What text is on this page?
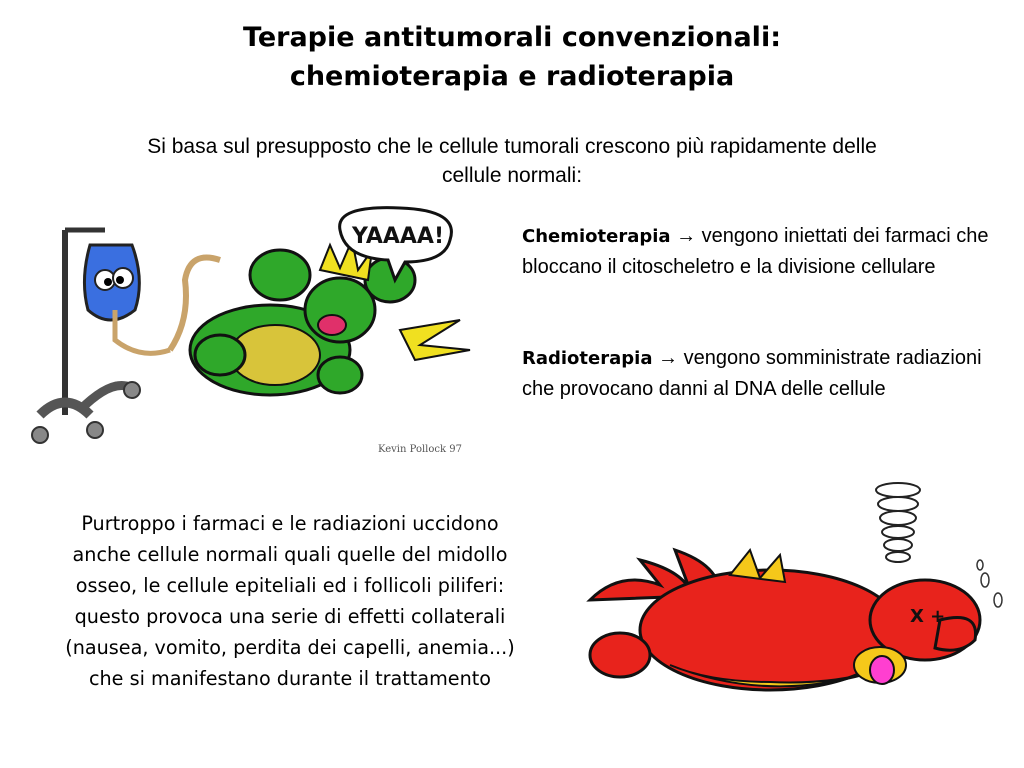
Terapie antitumorali convenzionali:
chemioterapia e radioterapia
Si basa sul presupposto che le cellule tumorali crescono più rapidamente delle
cellule normali:
YAAAA!
Kevin Pollock 97
Chemioterapia → vengono iniettati dei farmaci che bloccano il citoscheletro e la divisione cellulare
Radioterapia → vengono somministrate radiazioni che provocano danni al DNA delle cellule
Purtroppo i farmaci e le radiazioni uccidono
anche cellule normali quali quelle del midollo
osseo, le cellule epiteliali ed i follicoli piliferi:
questo provoca una serie di effetti collaterali
(nausea, vomito, perdita dei capelli, anemia...)
che si manifestano durante il trattamento
X +
